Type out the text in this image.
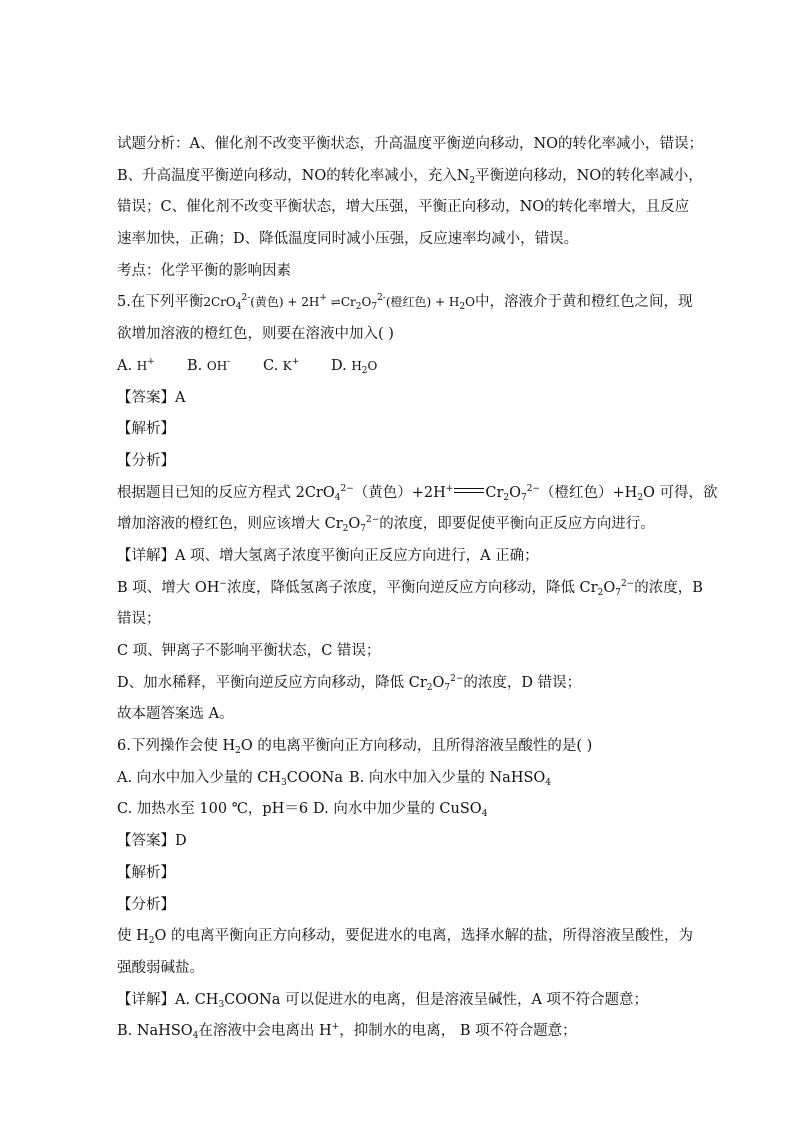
试题分析：A、催化剂不改变平衡状态，升高温度平衡逆向移动，NO的转化率减小，错误；
B、升高温度平衡逆向移动，NO的转化率减小，充入$N_2$平衡逆向移动，NO的转化率减小，
错误；C、催化剂不改变平衡状态，增大压强，平衡正向移动，NO的转化率增大，且反应
速率加快，正确；D、降低温度同时减小压强，反应速率均减小，错误。
考点：化学平衡的影响因素
5.在下列平衡2CrO$_4^{2-}$(黄色) + 2H+ $\rightleftharpoons Cr_2O_7^{2-}$(橙红色) + $H_2O$中，溶液介于黄和橙红色之间，现
欲增加溶液的橙红色，则要在溶液中加入( )
A. H+ B. OH- C. K+ D. $H_2O$
【答案】A
【解析】
【分析】
根据题目已知的反应方程式 2CrO$_4^{2-}$（黄色）+2H+ $Cr_2O_7^{2-}$（橙红色）$+H_2O$ 可得，欲
增加溶液的橙红色，则应该增大 $Cr_2O_7^{2-}$的浓度，即要促使平衡向正反应方向进行。
【详解】A 项、增大氢离子浓度平衡向正反应方向进行，A 正确；
B 项、增大 OH−浓度，降低氢离子浓度，平衡向逆反应方向移动，降低 $Cr_2O_7^{2-}$的浓度，B
错误；
C 项、钾离子不影响平衡状态，C 错误；
D、加水稀释，平衡向逆反应方向移动，降低 $Cr_2O_7^{2-}$的浓度，D 错误；
故本题答案选 A。
6.下列操作会使 $H_2O$ 的电离平衡向正方向移动，且所得溶液呈酸性的是( )
A. 向水中加入少量的 $CH_3COONa$ B. 向水中加入少量的 NaHSO$_4$
C. 加热水至 100 ℃，pH＝6 D. 向水中加少量的 CuSO$_4$
【答案】D
【解析】
【分析】
使 $H_2O$ 的电离平衡向正方向移动，要促进水的电离，选择水解的盐，所得溶液呈酸性，为
强酸弱碱盐。
【详解】A. $CH_3COONa$ 可以促进水的电离，但是溶液呈碱性，A 项不符合题意；
B. NaHSO$_4$在溶液中会电离出 H+，抑制水的电离， B 项不符合题意；
